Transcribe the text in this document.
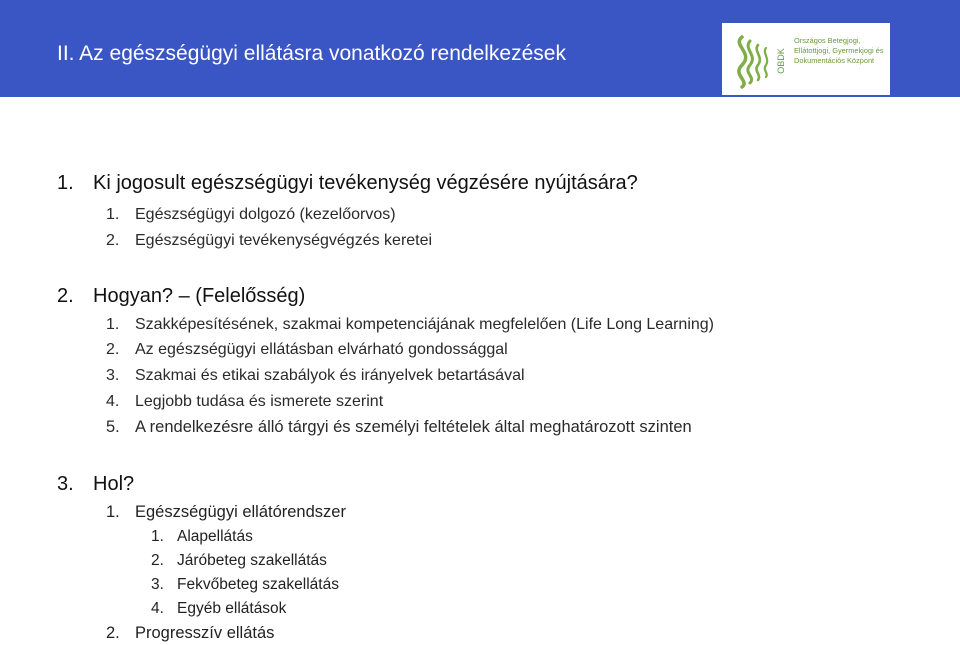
II. Az egészségügyi ellátásra vonatkozó rendelkezések	OBDK
Országos Betegjogi,
Ellátottjogi, Gyermekjogi és
Dokumentációs Központ
1. Ki jogosult egészségügyi tevékenység végzésére nyújtására?
1. Egészségügyi dolgozó (kezelőorvos)
2. Egészségügyi tevékenységvégzés keretei
2. Hogyan? – (Felelősség)
1. Szakképesítésének, szakmai kompetenciájának megfelelően (Life Long Learning)
2. Az egészségügyi ellátásban elvárható gondossággal
3. Szakmai és etikai szabályok és irányelvek betartásával
4. Legjobb tudása és ismerete szerint
5. A rendelkezésre álló tárgyi és személyi feltételek által meghatározott szinten
3. Hol?
1. Egészségügyi ellátórendszer
1. Alapellátás
2. Járóbeteg szakellátás
3. Fekvőbeteg szakellátás
4. Egyéb ellátások
2. Progresszív ellátás
